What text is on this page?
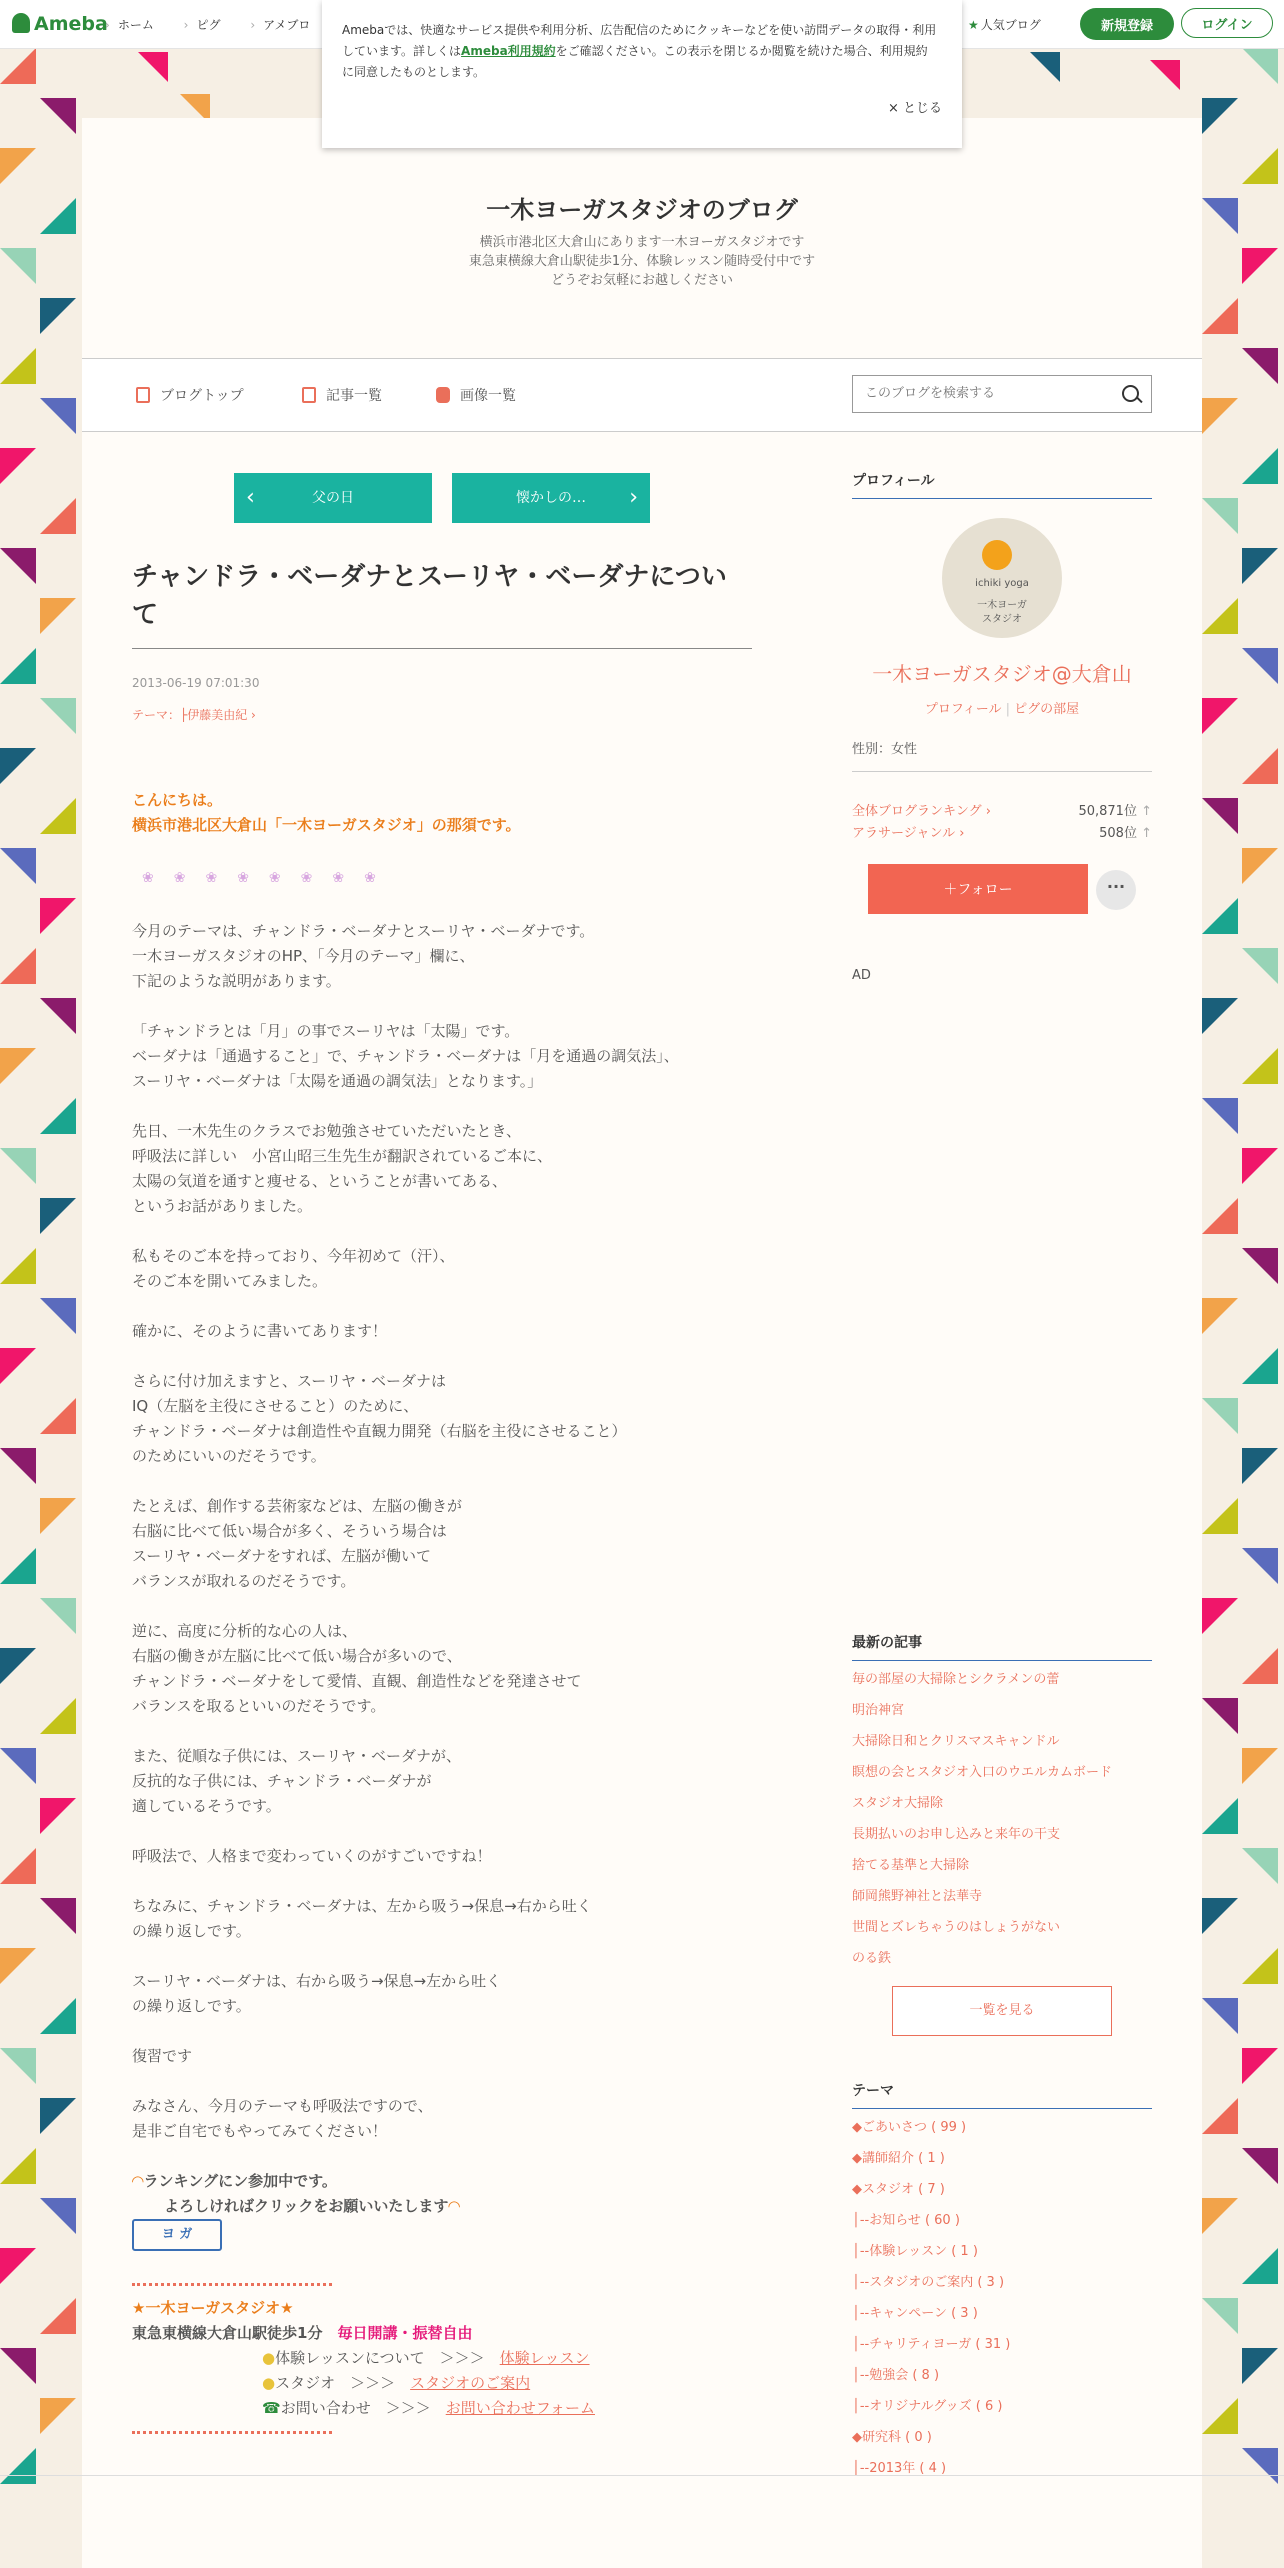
Ameba › ホーム	› ピグ	› アメブロ	★ 人気ブログ	新規登録	ログイン

Amebaでは、快適なサービス提供や利用分析、広告配信のためにクッキーなどを使い訪問データの取得・利用しています。詳しくはAmeba利用規約をご確認ください。この表示を閉じるか閲覧を続けた場合、利用規約に同意したものとします。

× とじる
一木ヨーガスタジオのブログ
横浜市港北区大倉山にあります一木ヨーガスタジオです
東急東横線大倉山駅徒歩1分、体験レッスン随時受付中です
どうぞお気軽にお越しください
ブログトップ	記事一覧	画像一覧
このブログを検索する
‹	父の日	懐かしの… ›
チャンドラ・ベーダナとスーリヤ・ベーダナについて
2013-06-19 07:01:30
テーマ：├伊藤美由紀 ›
こんにちは。
横浜市港北区大倉山「一木ヨーガスタジオ」の那須です。
❀❀❀❀❀❀❀❀

今月のテーマは、チャンドラ・ベーダナとスーリヤ・ベーダナです。
一木ヨーガスタジオのHP、「今月のテーマ」欄に、
下記のような説明があります。

「チャンドラとは「月」の事でスーリヤは「太陽」です。
ベーダナは「通過すること」で、チャンドラ・ベーダナは「月を通過の調気法」、
スーリヤ・ベーダナは「太陽を通過の調気法」となります。」

先日、一木先生のクラスでお勉強させていただいたとき、
呼吸法に詳しい　小宮山昭三生先生が翻訳されているご本に、
太陽の気道を通すと痩せる、ということが書いてある、
というお話がありました。

私もそのご本を持っており、今年初めて（汗）、
そのご本を開いてみました。

確かに、そのように書いてあります！

さらに付け加えますと、スーリヤ・ベーダナは
IQ（左脳を主役にさせること）のために、
チャンドラ・ベーダナは創造性や直観力開発（右脳を主役にさせること）
のためにいいのだそうです。

たとえば、創作する芸術家などは、左脳の働きが
右脳に比べて低い場合が多く、そういう場合は
スーリヤ・ベーダナをすれば、左脳が働いて
バランスが取れるのだそうです。

逆に、高度に分析的な心の人は、
右脳の働きが左脳に比べて低い場合が多いので、
チャンドラ・ベーダナをして愛情、直観、創造性などを発達させて
バランスを取るといいのだそうです。

また、従順な子供には、スーリヤ・ベーダナが、
反抗的な子供には、チャンドラ・ベーダナが
適しているそうです。

呼吸法で、人格まで変わっていくのがすごいですね！

ちなみに、チャンドラ・ベーダナは、左から吸う→保息→右から吐く
の繰り返しです。

スーリヤ・ベーダナは、右から吸う→保息→左から吐く
の繰り返しです。

復習です

みなさん、今月のテーマも呼吸法ですので、
是非ご自宅でもやってみてください！

◠ランキングにン参加中です。
よろしければクリックをお願いいたします◠
ヨ ガ
★一木ヨーガスタジオ★
東急東横線大倉山駅徒歩1分　 毎日開講・振替自由
●体験レッスンについて　＞＞＞　 体験レッスン
●スタジオ　＞＞＞　 スタジオのご案内
☎お問い合わせ　＞＞＞　 お問い合わせフォーム
プロフィール
ichiki yoga
一木ヨーガ
スタジオ
一木ヨーガスタジオ@大倉山
プロフィール | ピグの部屋
性別：女性
全体ブログランキング ›	50,871位 ↑
アラサージャンル ›	508位 ↑
＋フォロー	···
AD
最新の記事
毎の部屋の大掃除とシクラメンの蕾
明治神宮
大掃除日和とクリスマスキャンドル
瞑想の会とスタジオ入口のウエルカムボード
スタジオ大掃除
長期払いのお申し込みと来年の干支
捨てる基準と大掃除
師岡熊野神社と法華寺
世間とズレちゃうのはしょうがない
のる鉄
一覧を見る
テーマ
◆ごあいさつ ( 99 )
◆講師紹介 ( 1 )
◆スタジオ ( 7 )
│--お知らせ ( 60 )
│--体験レッスン ( 1 )
│--スタジオのご案内 ( 3 )
│--キャンペーン ( 3 )
│--チャリティヨーガ ( 31 )
│--勉強会 ( 8 )
│--オリジナルグッズ ( 6 )
◆研究科 ( 0 )
│--2013年 ( 4 )
